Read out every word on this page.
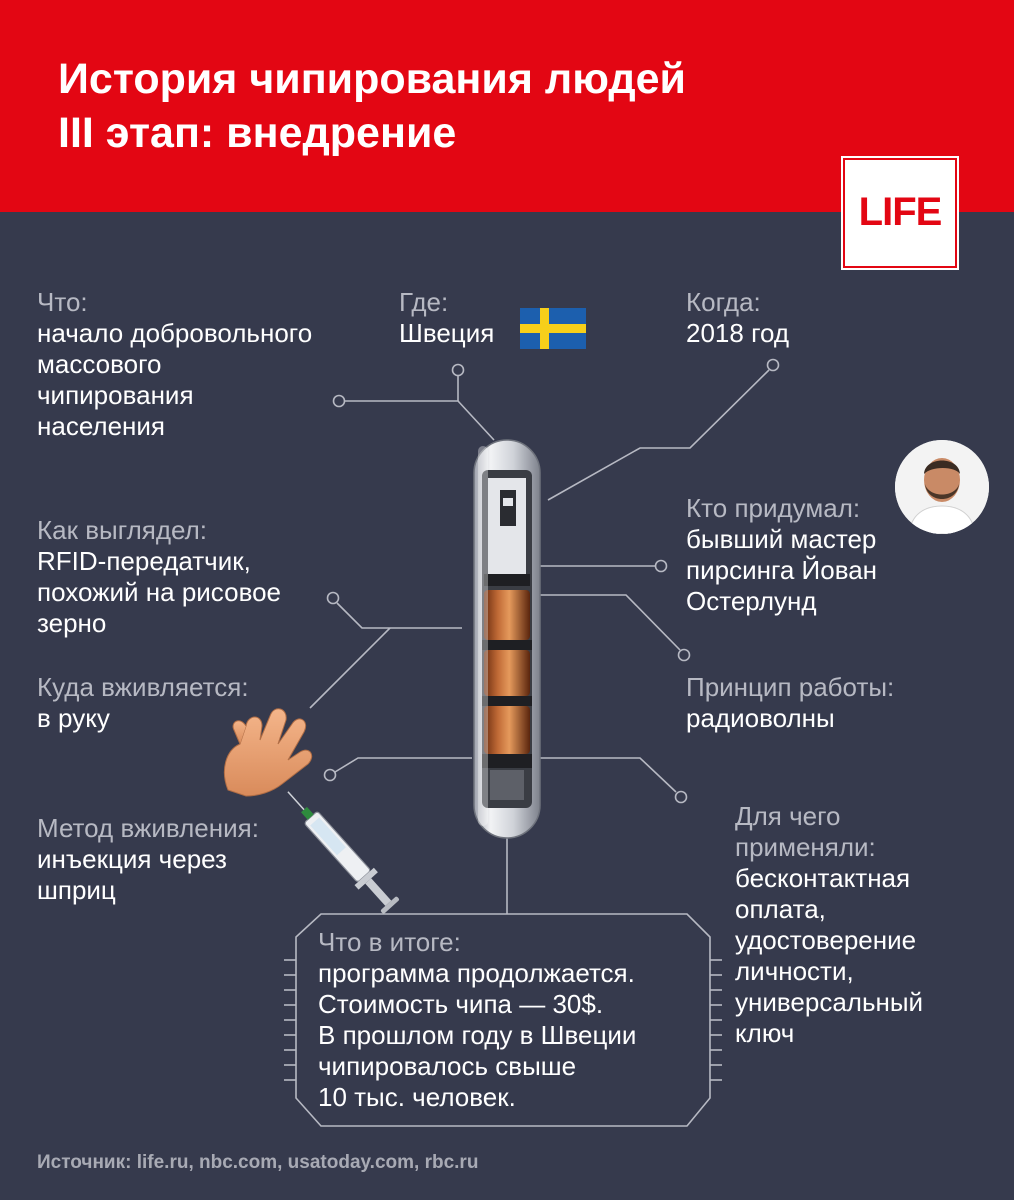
История чипирования людей
III этап: внедрение
LIFE
Что:
начало добровольного
массового
чипирования
населения
Где:
Швеция
Когда:
2018 год
Кто придумал:
бывший мастер
пирсинга Йован
Остерлунд
Как выглядел:
RFID-передатчик,
похожий на рисовое
зерно
Куда вживляется:
в руку
Принцип работы:
радиоволны
Метод вживления:
инъекция через
шприц
Для чего
применяли:
бесконтактная
оплата,
удостоверение
личности,
универсальный
ключ
Что в итоге:
программа продолжается.
Стоимость чипа — 30$.
В прошлом году в Швеции
чипировалось свыше
10 тыс. человек.
Источник: life.ru, nbc.com, usatoday.com, rbc.ru
